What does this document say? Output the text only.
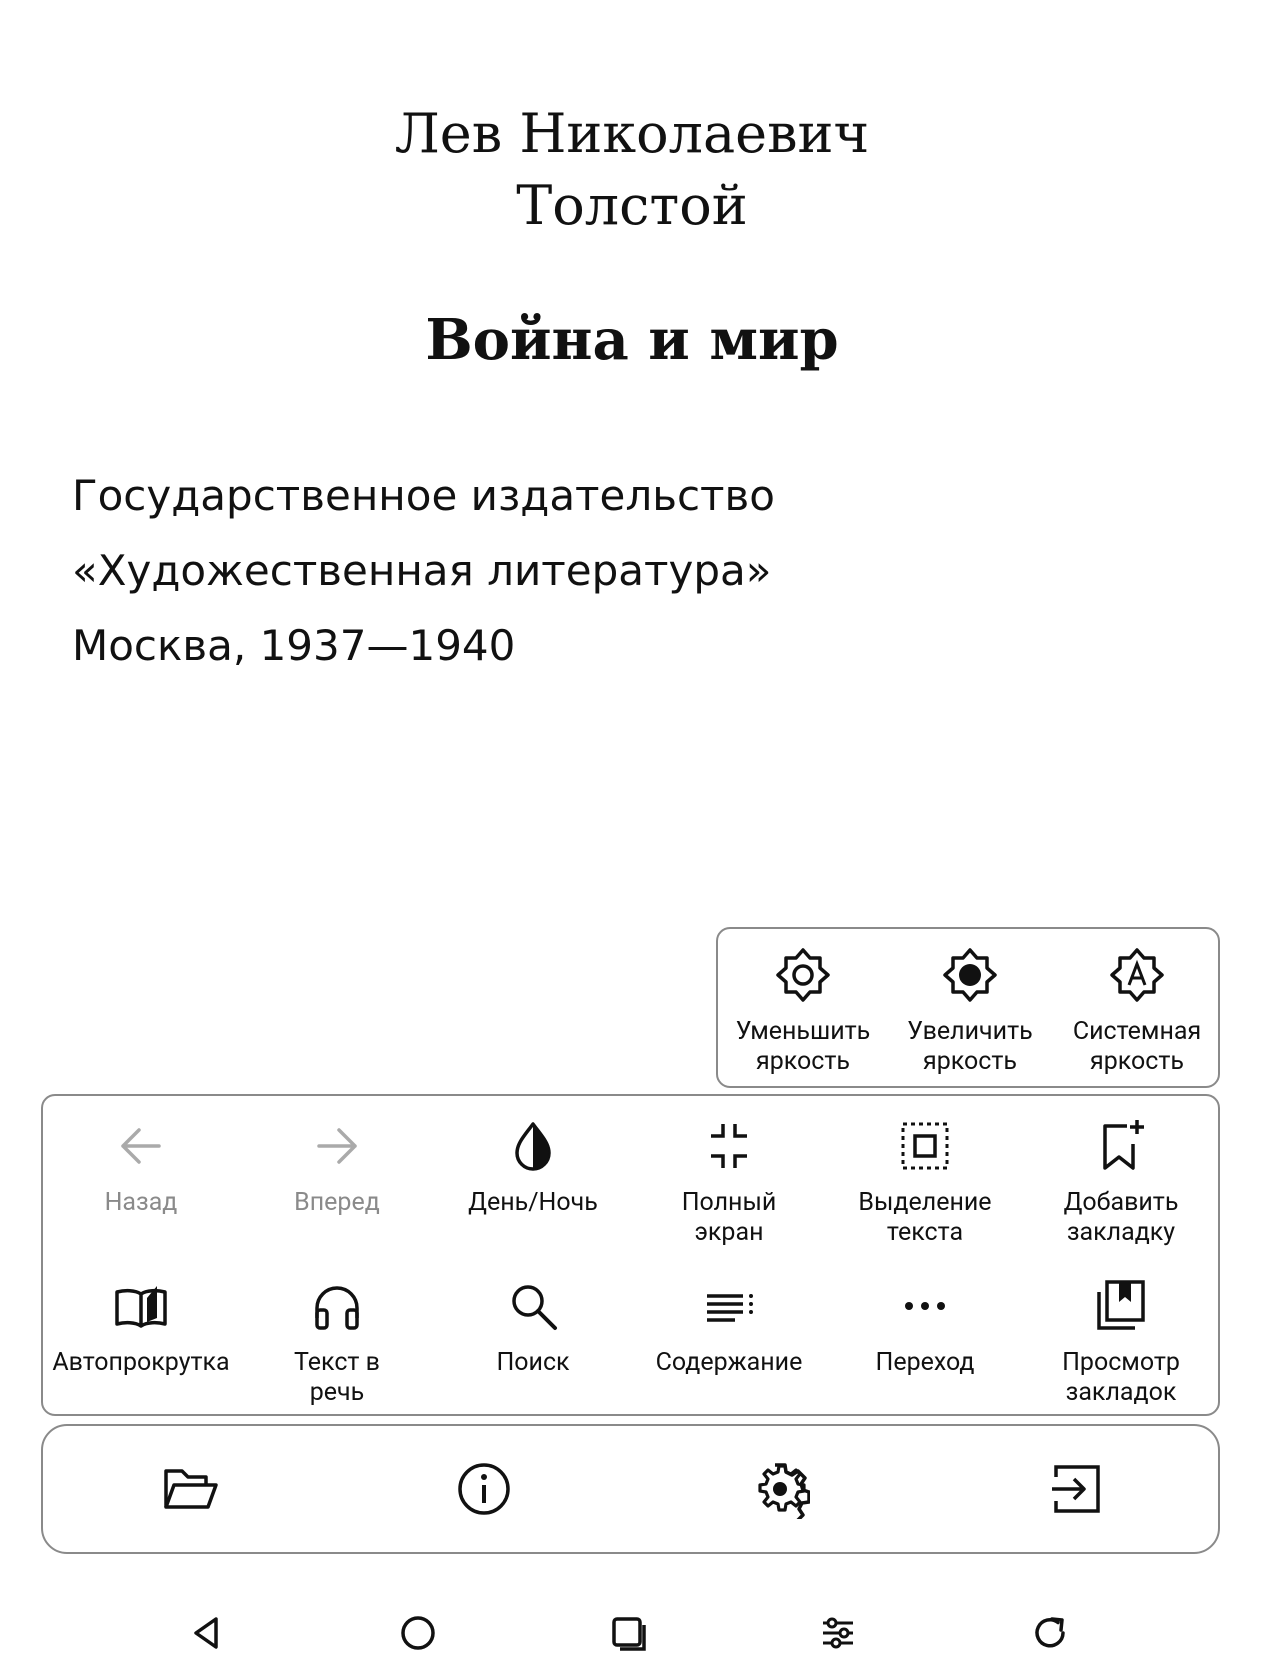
Лев Николаевич
Толстой
Война и мир
Государственное издательство
«Художественная литература»
Москва, 1937—1940
Уменьшить
яркость
Увеличить
яркость
Системная
яркость
Назад	Вперед	День/Ночь	Полный
экран
Выделение
текста
Добавить
закладку
Автопрокрутка	Текст в
речь
Поиск	Содержание	Переход	Просмотр
закладок
